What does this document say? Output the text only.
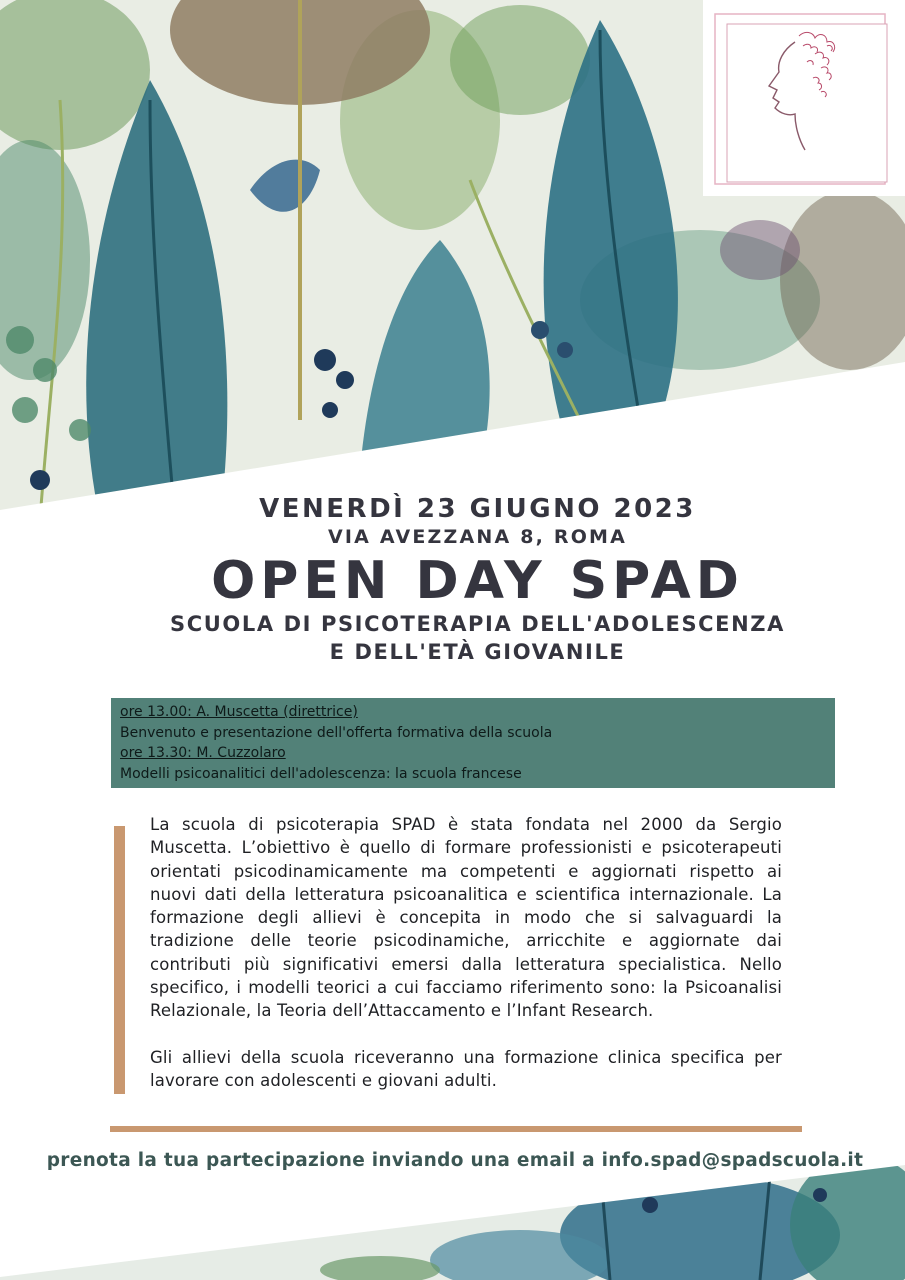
VENERDÌ 23 GIUGNO 2023
VIA AVEZZANA 8, ROMA
OPEN DAY SPAD
SCUOLA DI PSICOTERAPIA DELL'ADOLESCENZA
E DELL'ETÀ GIOVANILE
ore 13.00: A. Muscetta (direttrice)
Benvenuto e presentazione dell'offerta formativa della scuola
ore 13.30: M. Cuzzolaro
Modelli psicoanalitici dell'adolescenza: la scuola francese

La scuola di psicoterapia SPAD è stata fondata nel 2000 da Sergio Muscetta. L’obiettivo è quello di formare professionisti e psicoterapeuti orientati psicodinamicamente ma competenti e aggiornati rispetto ai nuovi dati della letteratura psicoanalitica e scientifica internazionale. La formazione degli allievi è concepita in modo che si salvaguardi la tradizione delle teorie psicodinamiche, arricchite e aggiornate dai contributi più significativi emersi dalla letteratura specialistica. Nello specifico, i modelli teorici a cui facciamo riferimento sono: la Psicoanalisi Relazionale, la Teoria dell’Attaccamento e l’Infant Research.

Gli allievi della scuola riceveranno una formazione clinica specifica per lavorare con adolescenti e giovani adulti.

prenota la tua partecipazione inviando una email a info.spad@spadscuola.it
